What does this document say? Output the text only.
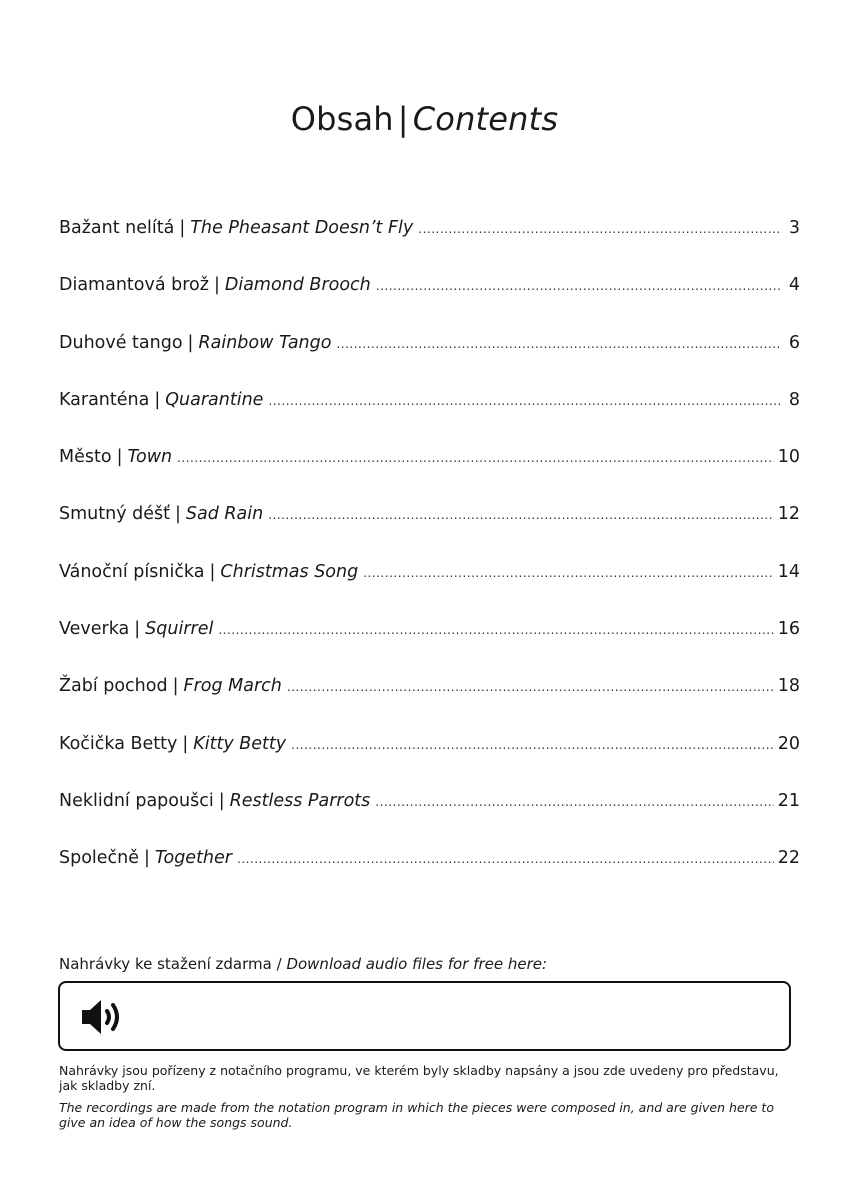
Obsah | Contents
Bažant nelítá | The Pheasant Doesn’t Fly .....	3
Diamantová brož | Diamond Brooch .....	4
Duhové tango | Rainbow Tango .....	6
Karanténa | Quarantine .....	8
Město | Town .....	10
Smutný déšť | Sad Rain .....	12
Vánoční písnička | Christmas Song .....	14
Veverka | Squirrel .....	16
Žabí pochod | Frog March .....	18
Kočička Betty | Kitty Betty .....	20
Neklidní papoušci | Restless Parrots .....	21
Společně | Together .....	22
Nahrávky ke stažení zdarma / Download audio files for free here:

Nahrávky jsou pořízeny z notačního programu, ve kterém byly skladby napsány a jsou zde uvedeny pro představu, jak skladby zní.

The recordings are made from the notation program in which the pieces were composed in, and are given here to give an idea of how the songs sound.
